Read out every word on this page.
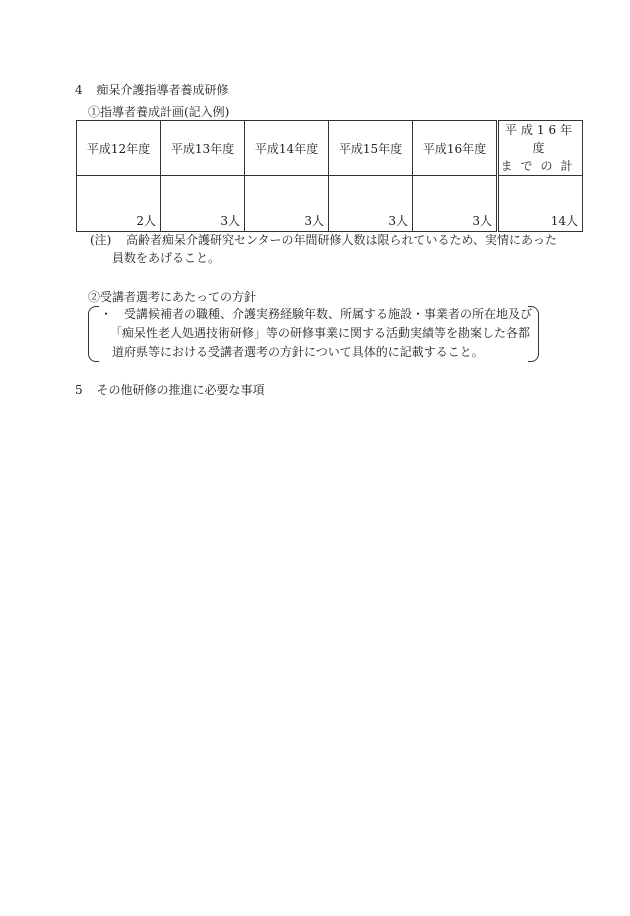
4 痴呆介護指導者養成研修
①指導者養成計画(記入例)
平成12年度	平成13年度	平成14年度	平成15年度	平成16年度	平成16年度
までの計

2人	3人	3人	3人	3人	14人
(注) 高齢者痴呆介護研究センターの年間研修人数は限られているため、実情にあった
員数をあげること。
②受講者選考にあたっての方針
・ 受講候補者の職種、介護実務経験年数、所属する施設・事業者の所在地及び
「痴呆性老人処遇技術研修」等の研修事業に関する活動実績等を勘案した各都
道府県等における受講者選考の方針について具体的に記載すること。
5 その他研修の推進に必要な事項
